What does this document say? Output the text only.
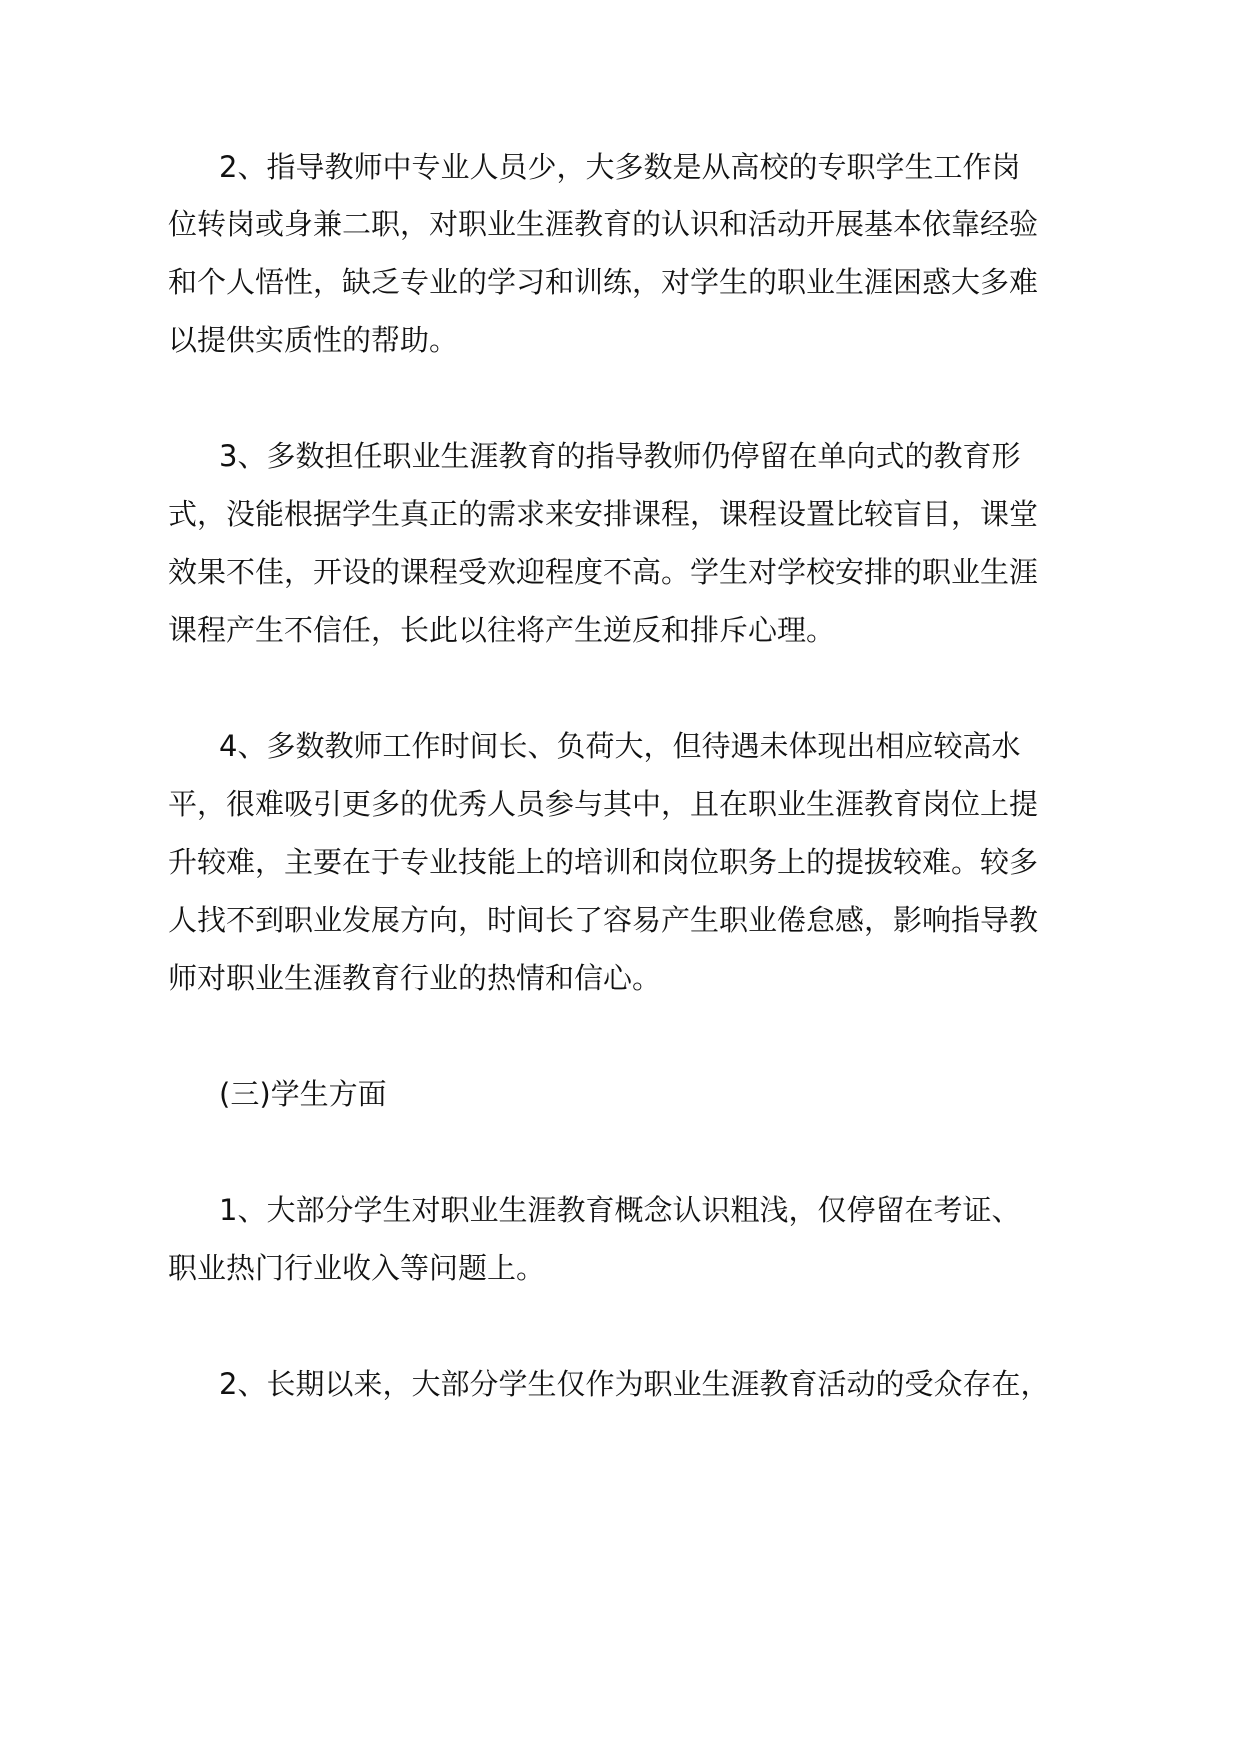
2、指导教师中专业人员少，大多数是从高校的专职学生工作岗
位转岗或身兼二职，对职业生涯教育的认识和活动开展基本依靠经验
和个人悟性，缺乏专业的学习和训练，对学生的职业生涯困惑大多难
以提供实质性的帮助。
3、多数担任职业生涯教育的指导教师仍停留在单向式的教育形
式，没能根据学生真正的需求来安排课程，课程设置比较盲目，课堂
效果不佳，开设的课程受欢迎程度不高。学生对学校安排的职业生涯
课程产生不信任，长此以往将产生逆反和排斥心理。
4、多数教师工作时间长、负荷大，但待遇未体现出相应较高水
平，很难吸引更多的优秀人员参与其中，且在职业生涯教育岗位上提
升较难，主要在于专业技能上的培训和岗位职务上的提拔较难。较多
人找不到职业发展方向，时间长了容易产生职业倦怠感，影响指导教
师对职业生涯教育行业的热情和信心。
(三)学生方面
1、大部分学生对职业生涯教育概念认识粗浅，仅停留在考证、
职业热门行业收入等问题上。
2、长期以来，大部分学生仅作为职业生涯教育活动的受众存在，
